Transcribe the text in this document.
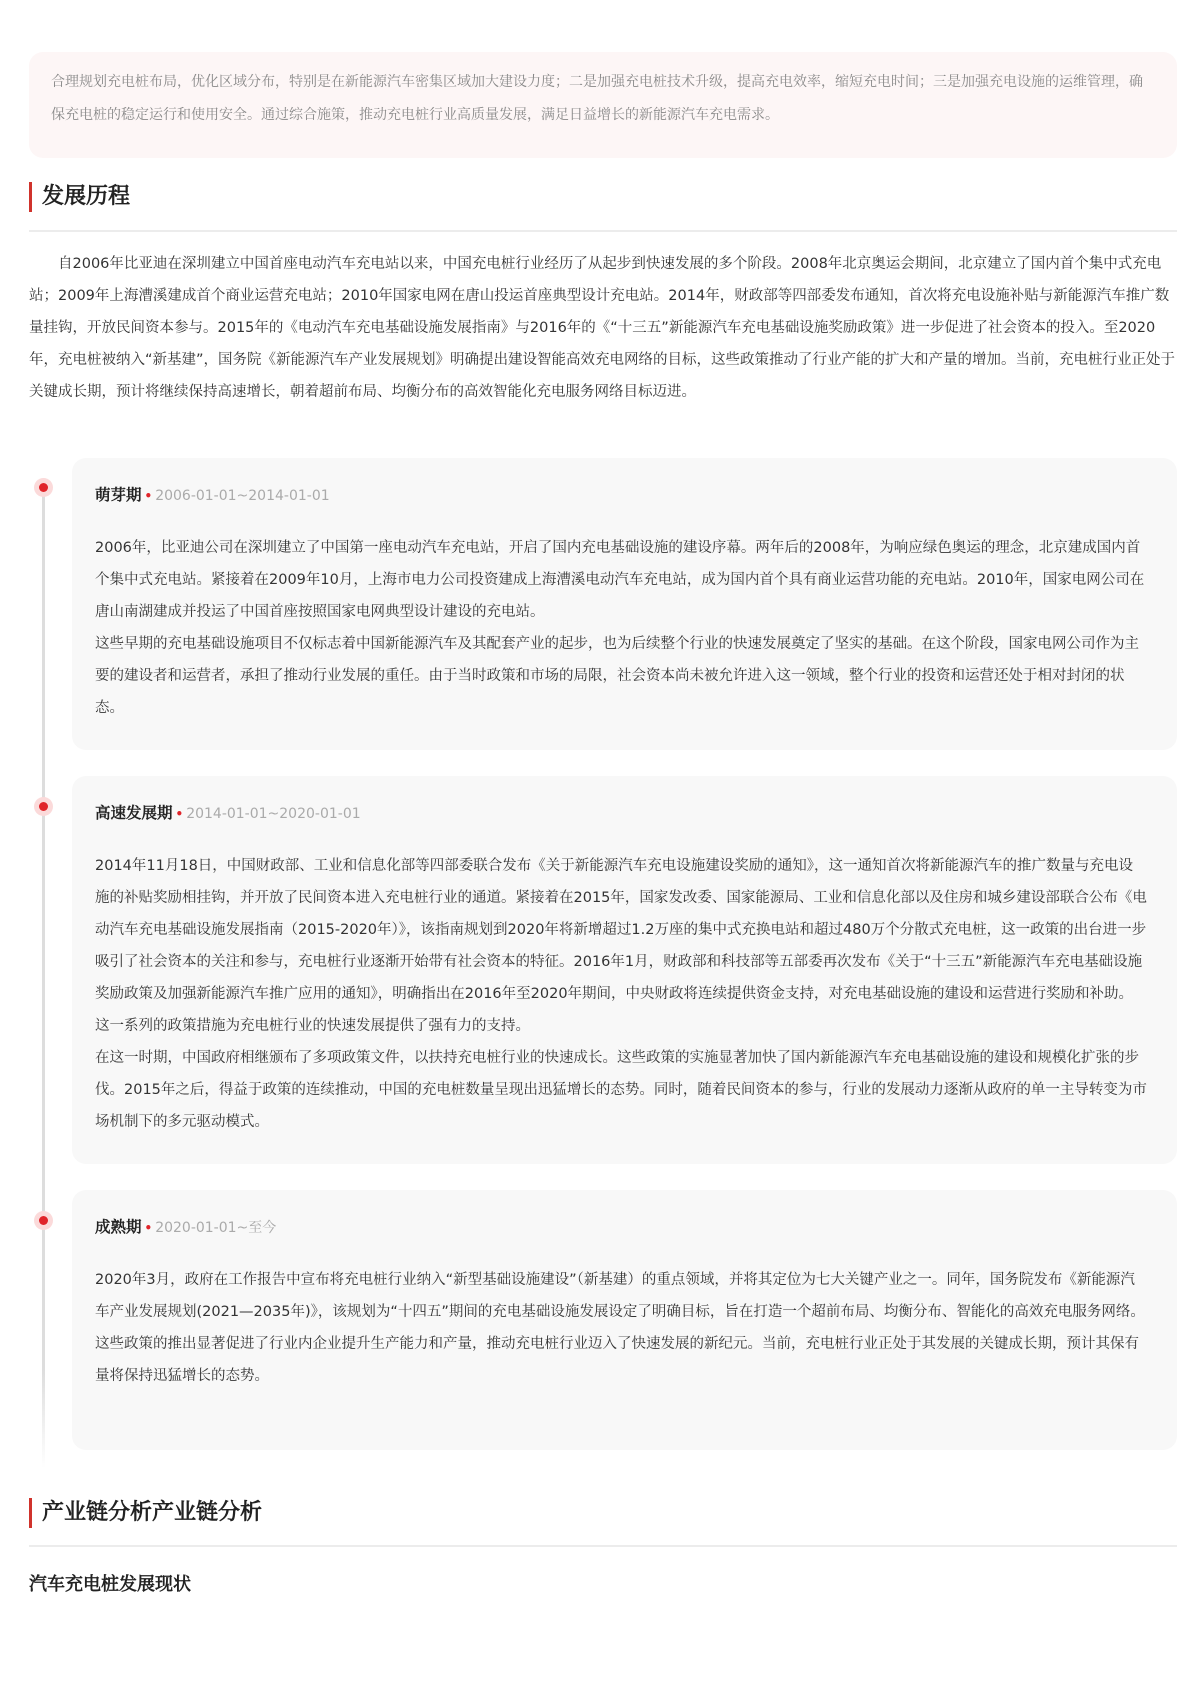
合理规划充电桩布局，优化区域分布，特别是在新能源汽车密集区域加大建设力度；二是加强充电桩技术升级，提高充电效率，缩短充电时间；三是加强充电设施的运维管理，确保充电桩的稳定运行和使用安全。通过综合施策，推动充电桩行业高质量发展，满足日益增长的新能源汽车充电需求。

发展历程

自2006年比亚迪在深圳建立中国首座电动汽车充电站以来，中国充电桩行业经历了从起步到快速发展的多个阶段。2008年北京奥运会期间，北京建立了国内首个集中式充电站；2009年上海漕溪建成首个商业运营充电站；2010年国家电网在唐山投运首座典型设计充电站。2014年，财政部等四部委发布通知，首次将充电设施补贴与新能源汽车推广数量挂钩，开放民间资本参与。2015年的《电动汽车充电基础设施发展指南》与2016年的《“十三五”新能源汽车充电基础设施奖励政策》进一步促进了社会资本的投入。至2020年，充电桩被纳入“新基建”，国务院《新能源汽车产业发展规划》明确提出建设智能高效充电网络的目标，这些政策推动了行业产能的扩大和产量的增加。当前，充电桩行业正处于关键成长期，预计将继续保持高速增长，朝着超前布局、均衡分布的高效智能化充电服务网络目标迈进。

萌芽期 • 2006-01-01~2014-01-01

2006年，比亚迪公司在深圳建立了中国第一座电动汽车充电站，开启了国内充电基础设施的建设序幕。两年后的2008年，为响应绿色奥运的理念，北京建成国内首个集中式充电站。紧接着在2009年10月，上海市电力公司投资建成上海漕溪电动汽车充电站，成为国内首个具有商业运营功能的充电站。2010年，国家电网公司在唐山南湖建成并投运了中国首座按照国家电网典型设计建设的充电站。

这些早期的充电基础设施项目不仅标志着中国新能源汽车及其配套产业的起步，也为后续整个行业的快速发展奠定了坚实的基础。在这个阶段，国家电网公司作为主要的建设者和运营者，承担了推动行业发展的重任。由于当时政策和市场的局限，社会资本尚未被允许进入这一领域，整个行业的投资和运营还处于相对封闭的状态。

高速发展期 • 2014-01-01~2020-01-01

2014年11月18日，中国财政部、工业和信息化部等四部委联合发布《关于新能源汽车充电设施建设奖励的通知》，这一通知首次将新能源汽车的推广数量与充电设施的补贴奖励相挂钩，并开放了民间资本进入充电桩行业的通道。紧接着在2015年，国家发改委、国家能源局、工业和信息化部以及住房和城乡建设部联合公布《电动汽车充电基础设施发展指南（2015-2020年）》，该指南规划到2020年将新增超过1.2万座的集中式充换电站和超过480万个分散式充电桩，这一政策的出台进一步吸引了社会资本的关注和参与，充电桩行业逐渐开始带有社会资本的特征。2016年1月，财政部和科技部等五部委再次发布《关于“十三五”新能源汽车充电基础设施奖励政策及加强新能源汽车推广应用的通知》，明确指出在2016年至2020年期间，中央财政将连续提供资金支持，对充电基础设施的建设和运营进行奖励和补助。这一系列的政策措施为充电桩行业的快速发展提供了强有力的支持。

在这一时期，中国政府相继颁布了多项政策文件，以扶持充电桩行业的快速成长。这些政策的实施显著加快了国内新能源汽车充电基础设施的建设和规模化扩张的步伐。2015年之后，得益于政策的连续推动，中国的充电桩数量呈现出迅猛增长的态势。同时，随着民间资本的参与，行业的发展动力逐渐从政府的单一主导转变为市场机制下的多元驱动模式。

成熟期 • 2020-01-01~至今

2020年3月，政府在工作报告中宣布将充电桩行业纳入“新型基础设施建设”（新基建）的重点领域，并将其定位为七大关键产业之一。同年，国务院发布《新能源汽车产业发展规划(2021—2035年)》，该规划为“十四五”期间的充电基础设施发展设定了明确目标，旨在打造一个超前布局、均衡分布、智能化的高效充电服务网络。

这些政策的推出显著促进了行业内企业提升生产能力和产量，推动充电桩行业迈入了快速发展的新纪元。当前，充电桩行业正处于其发展的关键成长期，预计其保有量将保持迅猛增长的态势。

产业链分析产业链分析
汽车充电桩发展现状
